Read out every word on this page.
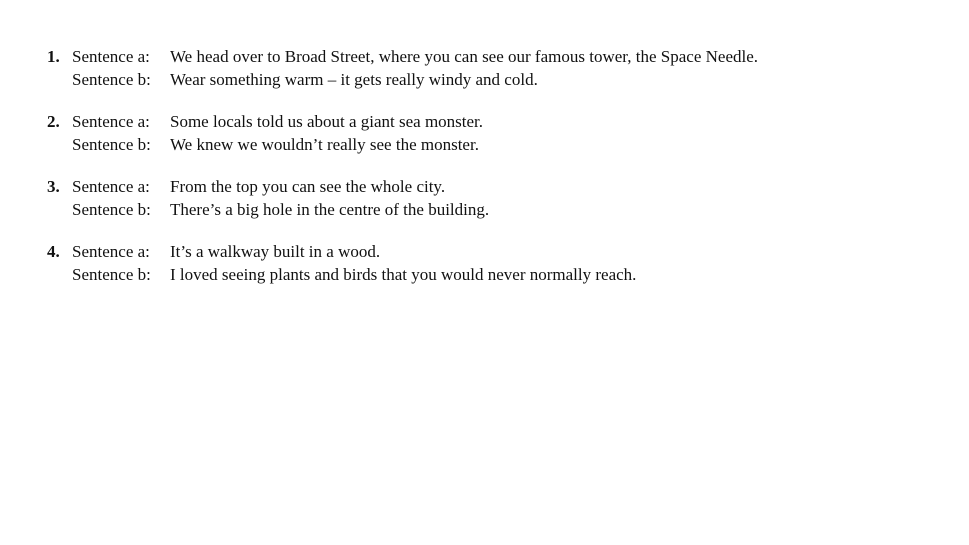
1. Sentence a: We head over to Broad Street, where you can see our famous tower, the Space Needle.
Sentence b: Wear something warm – it gets really windy and cold.
2. Sentence a: Some locals told us about a giant sea monster.
Sentence b: We knew we wouldn’t really see the monster.
3. Sentence a: From the top you can see the whole city.
Sentence b: There’s a big hole in the centre of the building.
4. Sentence a: It’s a walkway built in a wood.
Sentence b: I loved seeing plants and birds that you would never normally reach.
